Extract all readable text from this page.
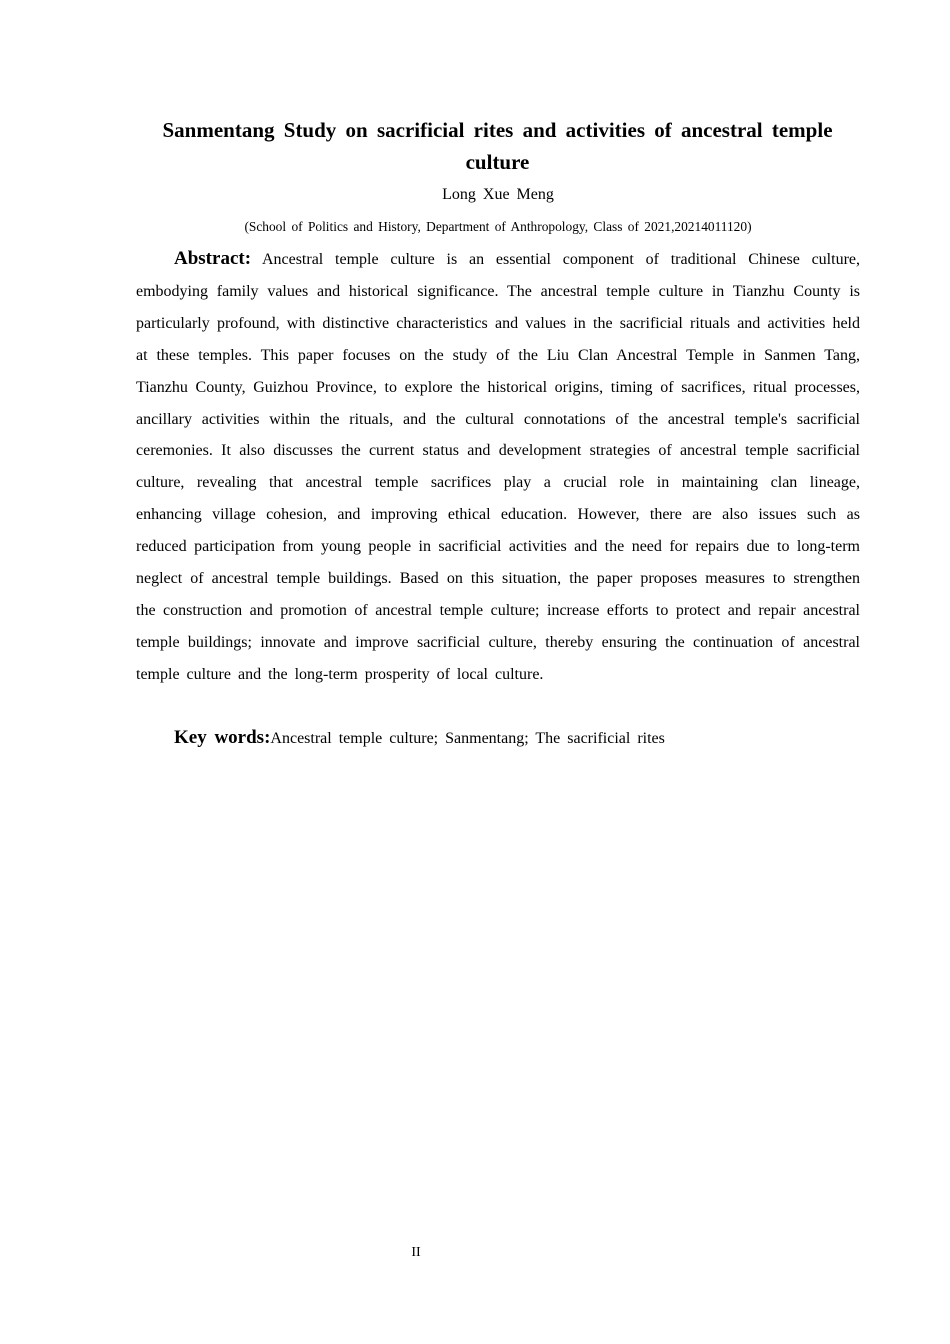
Sanmentang Study on sacrificial rites and activities of ancestral temple culture
Long Xue Meng
(School of Politics and History, Department of Anthropology, Class of 2021,20214011120)

Abstract: Ancestral temple culture is an essential component of traditional Chinese culture, embodying family values and historical significance. The ancestral temple culture in Tianzhu County is particularly profound, with distinctive characteristics and values in the sacrificial rituals and activities held at these temples. This paper focuses on the study of the Liu Clan Ancestral Temple in Sanmen Tang, Tianzhu County, Guizhou Province, to explore the historical origins, timing of sacrifices, ritual processes, ancillary activities within the rituals, and the cultural connotations of the ancestral temple's sacrificial ceremonies. It also discusses the current status and development strategies of ancestral temple sacrificial culture, revealing that ancestral temple sacrifices play a crucial role in maintaining clan lineage, enhancing village cohesion, and improving ethical education. However, there are also issues such as reduced participation from young people in sacrificial activities and the need for repairs due to long-term neglect of ancestral temple buildings. Based on this situation, the paper proposes measures to strengthen the construction and promotion of ancestral temple culture; increase efforts to protect and repair ancestral temple buildings; innovate and improve sacrificial culture, thereby ensuring the continuation of ancestral temple culture and the long-term prosperity of local culture.

Key words:Ancestral temple culture; Sanmentang; The sacrificial rites

II
